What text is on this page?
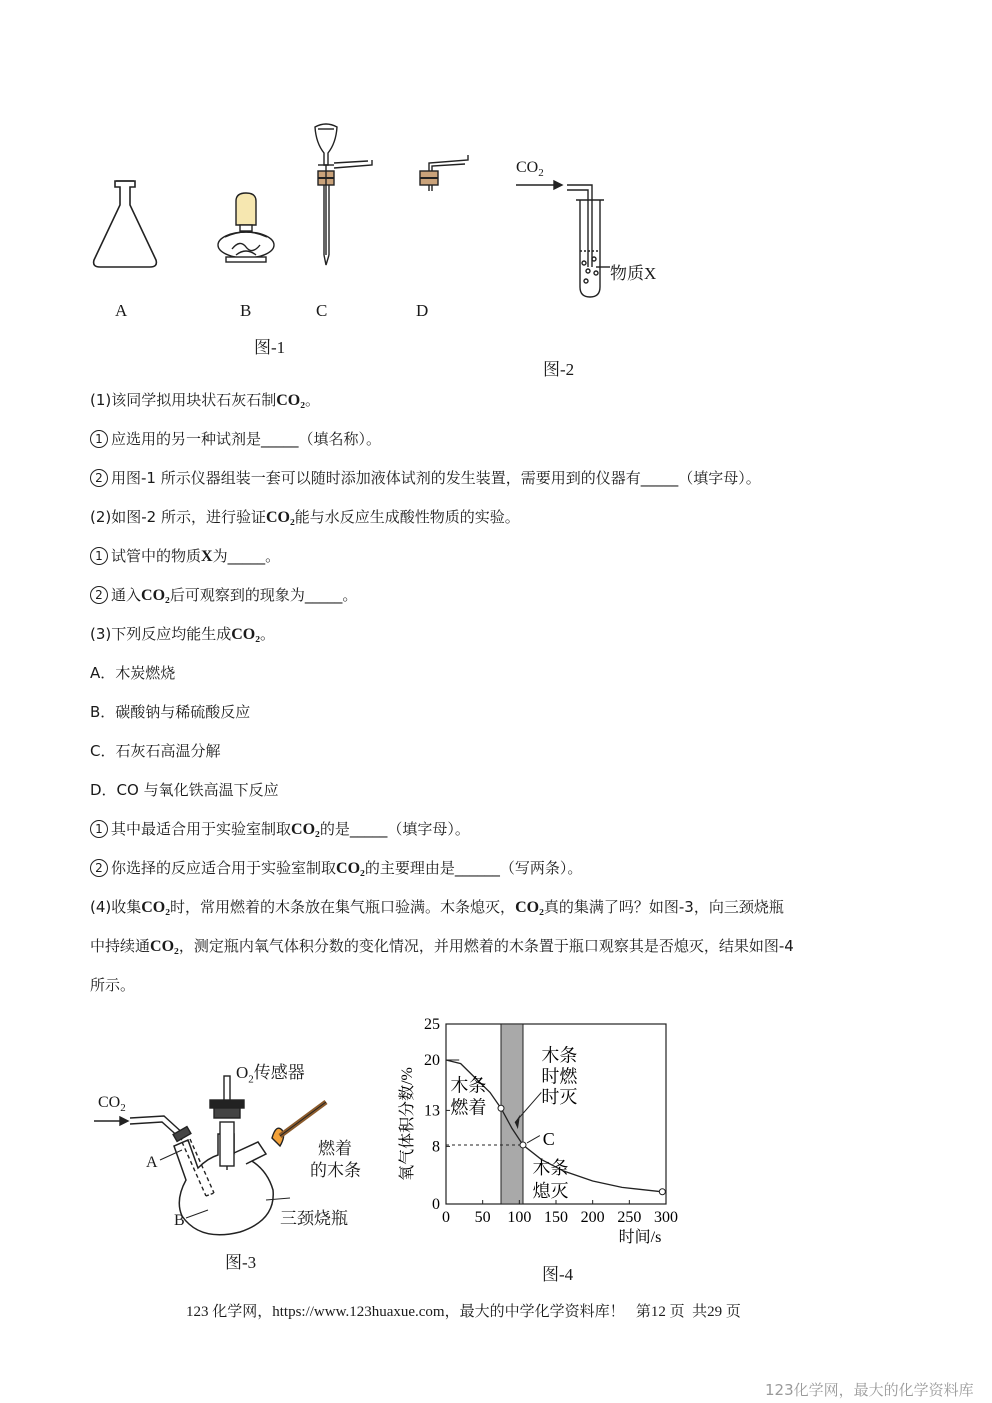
A	B	C	D
图-1
$CO_2$
物质X
图-2
(1)该同学拟用块状石灰石制CO₂。
1 应选用的另一种试剂是_____（填名称）。
2 用图-1 所示仪器组装一套可以随时添加液体试剂的发生装置，需要用到的仪器有_____（填字母）。
(2)如图-2 所示，进行验证CO₂能与水反应生成酸性物质的实验。
1 试管中的物质X为_____。
2 通入CO₂后可观察到的现象为_____。
(3)下列反应均能生成CO₂。
A．木炭燃烧
B．碳酸钠与稀硫酸反应
C．石灰石高温分解
D．CO 与氧化铁高温下反应
1 其中最适合用于实验室制取CO₂的是_____（填字母）。
2 你选择的反应适合用于实验室制取CO₂的主要理由是______（写两条）。
(4)收集CO₂时，常用燃着的木条放在集气瓶口验满。木条熄灭，CO₂真的集满了吗？如图-3，向三颈烧瓶
中持续通CO₂，测定瓶内氧气体积分数的变化情况，并用燃着的木条置于瓶口观察其是否熄灭，结果如图-4
所示。
$CO_2$
$O_2$传感器
A
B
燃着
的木条
三颈烧瓶
图-3
0 50 100 150 200 250 300
0
8
13
20
25
时间/s
氧气体积分数/% 木条
燃着
木条
时燃
时灭
C
木条
熄灭
图-4
123 化学网，https://www.123huaxue.com，最大的中学化学资料库！   第12 页  共29 页
123化学网，最大的化学资料库
